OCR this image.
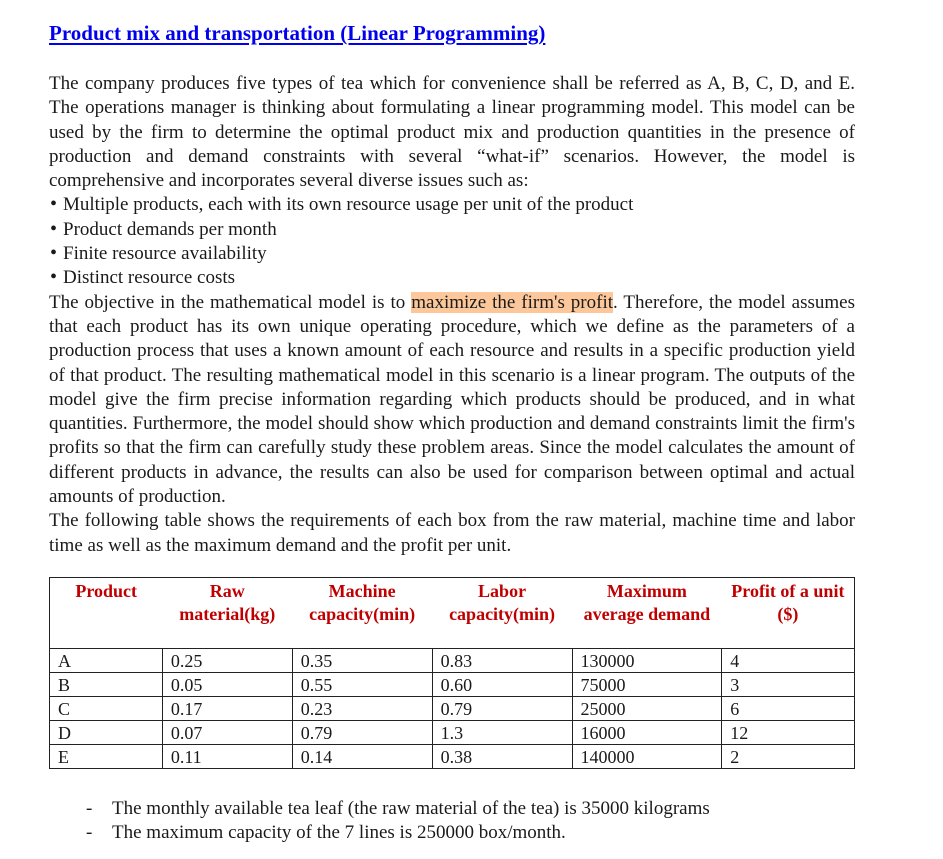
Product mix and transportation (Linear Programming)

The company produces five types of tea which for convenience shall be referred as A, B, C, D, and E. The operations manager is thinking about formulating a linear programming model. This model can be used by the firm to determine the optimal product mix and production quantities in the presence of production and demand constraints with several “what-if” scenarios. However, the model is comprehensive and incorporates several diverse issues such as:

• Multiple products, each with its own resource usage per unit of the product
• Product demands per month
• Finite resource availability
• Distinct resource costs

The objective in the mathematical model is to maximize the firm's profit. Therefore, the model assumes that each product has its own unique operating procedure, which we define as the parameters of a production process that uses a known amount of each resource and results in a specific production yield of that product. The resulting mathematical model in this scenario is a linear program. The outputs of the model give the firm precise information regarding which products should be produced, and in what quantities. Furthermore, the model should show which production and demand constraints limit the firm's profits so that the firm can carefully study these problem areas. Since the model calculates the amount of different products in advance, the results can also be used for comparison between optimal and actual amounts of production.

The following table shows the requirements of each box from the raw material, machine time and labor time as well as the maximum demand and the profit per unit.

Product	Raw material(kg)	Machine capacity(min)	Labor capacity(min)	Maximum average demand	Profit of a unit ($)
A	0.25	0.35	0.83	130000	4
B	0.05	0.55	0.60	75000	3
C	0.17	0.23	0.79	25000	6
D	0.07	0.79	1.3	16000	12
E	0.11	0.14	0.38	140000	2
- The monthly available tea leaf (the raw material of the tea) is 35000 kilograms
- The maximum capacity of the 7 lines is 250000 box/month.
